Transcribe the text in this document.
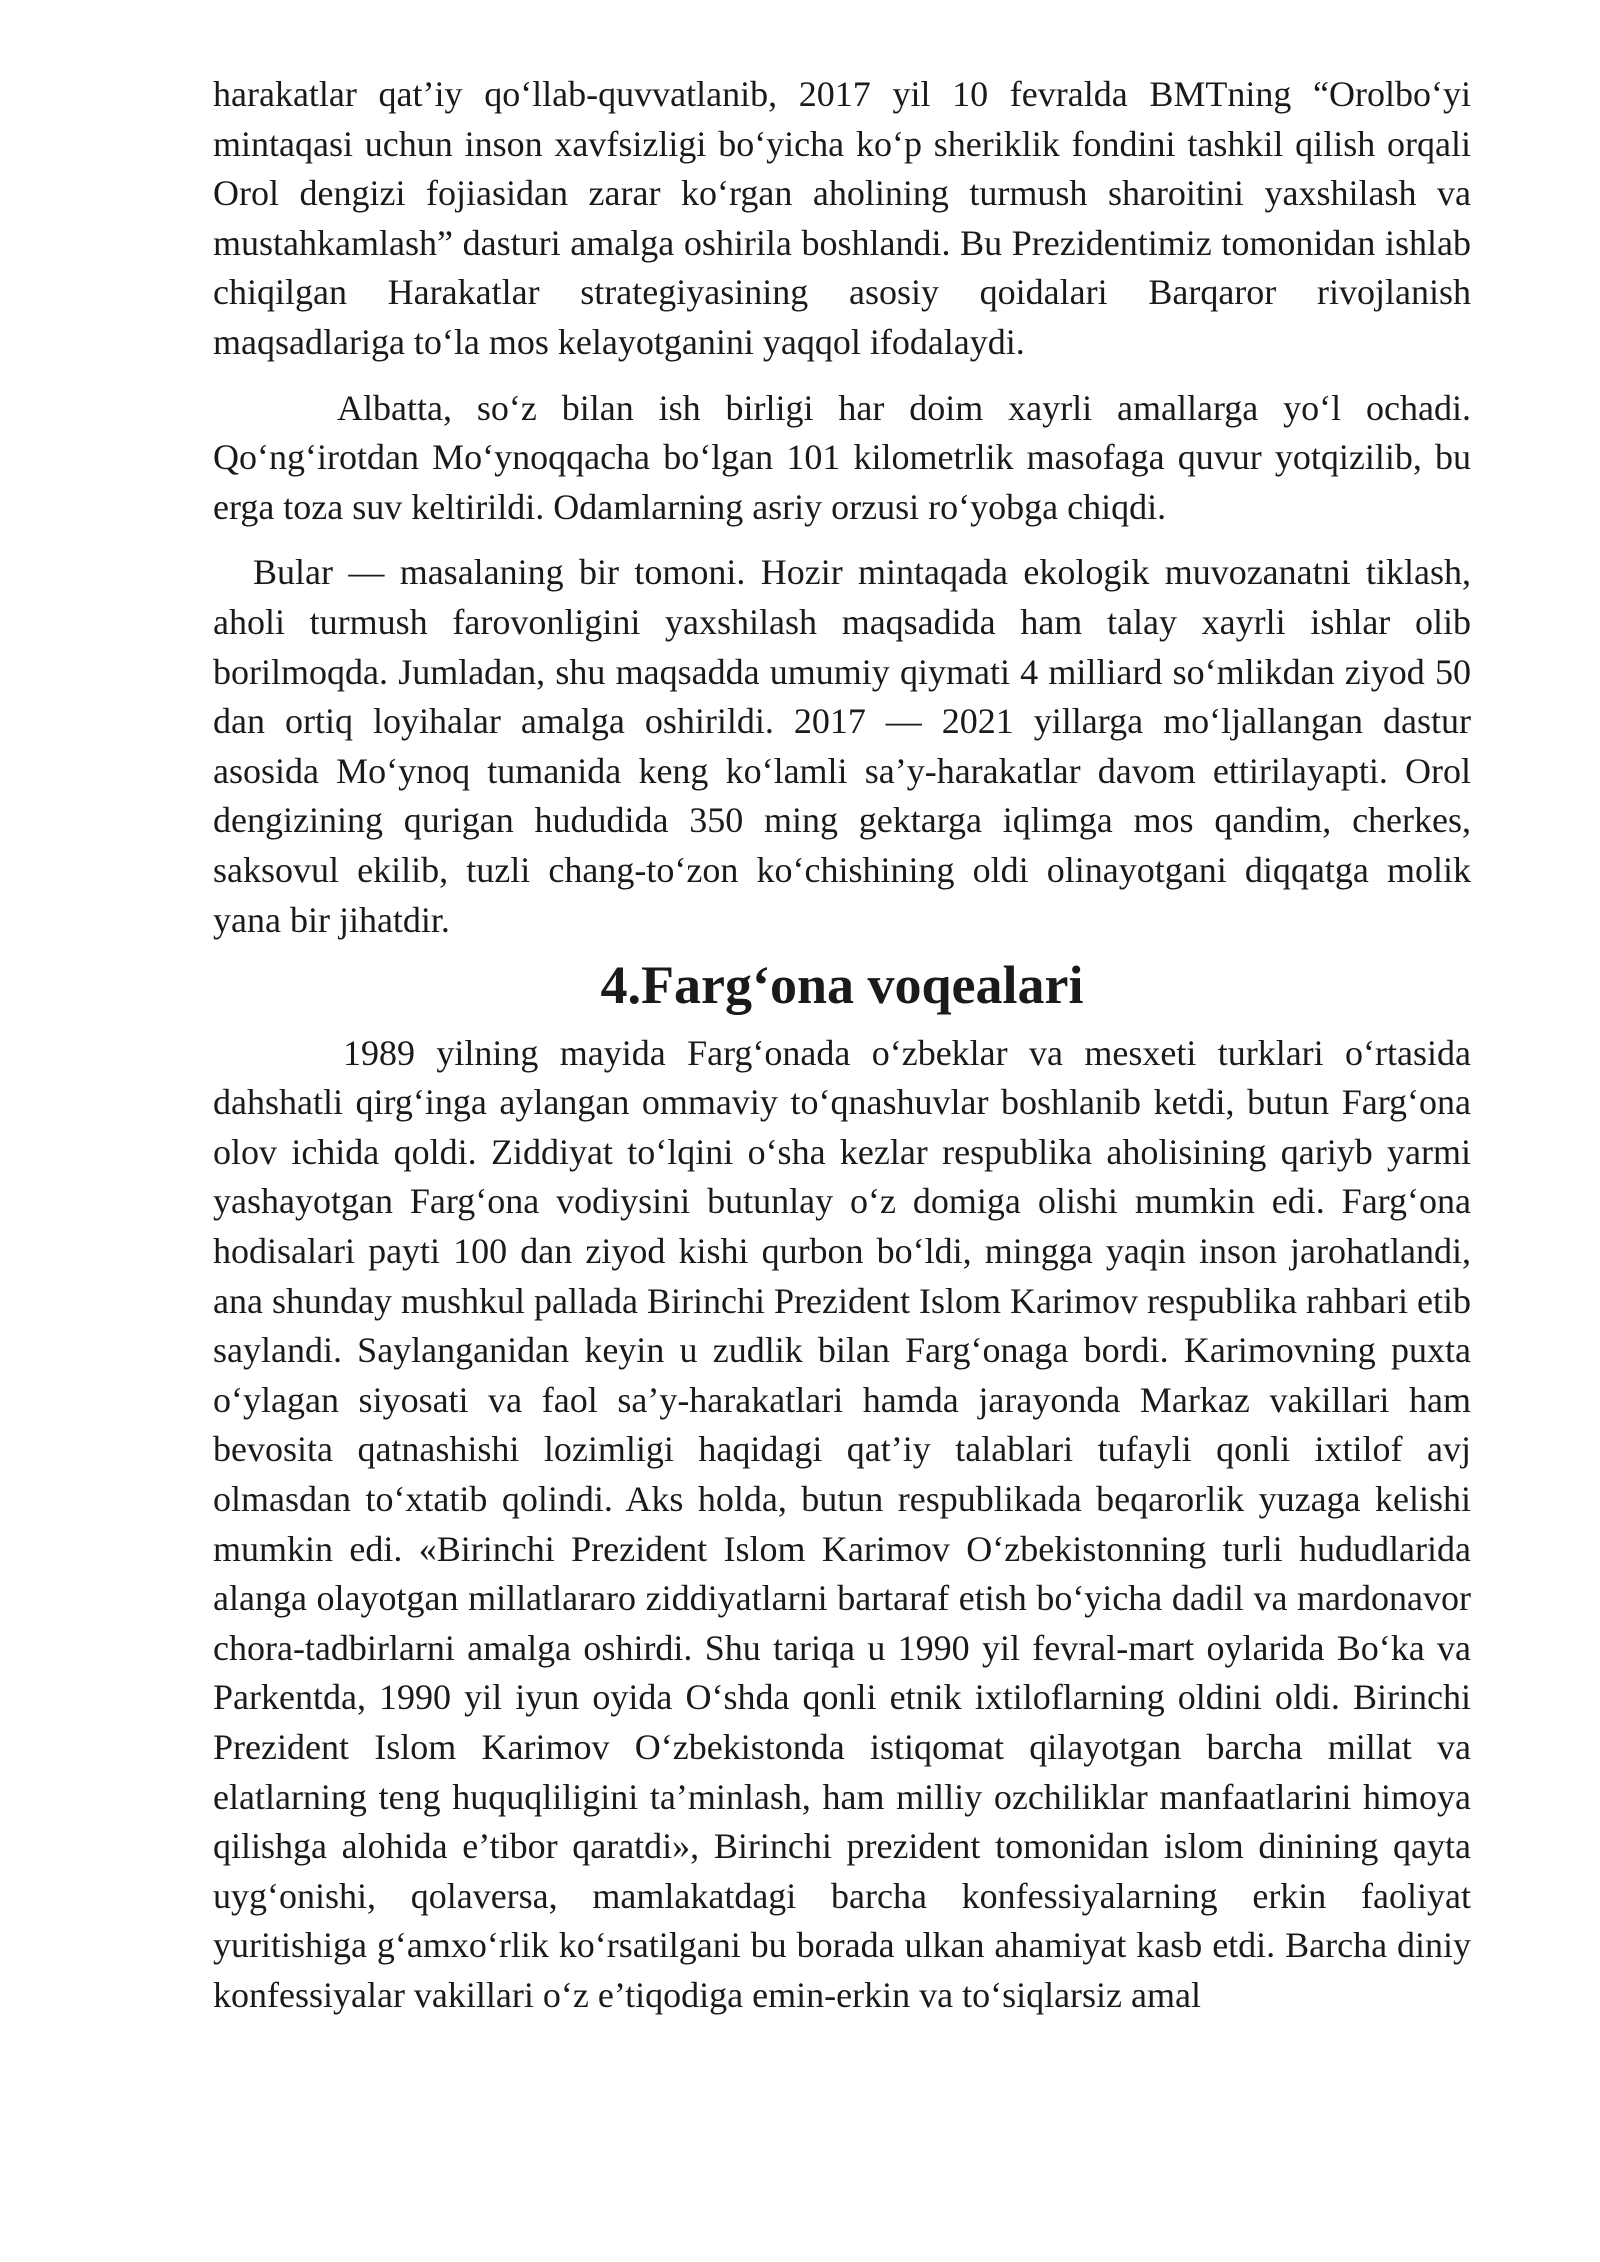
harakatlar qat’iy qo‘llab-quvvatlanib, 2017 yil 10 fevralda BMTning “Orolbo‘yi mintaqasi uchun inson xavfsizligi bo‘yicha ko‘p sheriklik fondini tashkil qilish orqali Orol dengizi fojiasidan zarar ko‘rgan aholining turmush sharoitini yaxshilash va mustahkamlash” dasturi amalga oshirila boshlandi. Bu Prezidentimiz tomonidan ishlab chiqilgan Harakatlar strategiyasining asosiy qoidalari Barqaror rivojlanish maqsadlariga to‘la mos kelayotganini yaqqol ifodalaydi.

Albatta, so‘z bilan ish birligi har doim xayrli amallarga yo‘l ochadi. Qo‘ng‘irotdan Mo‘ynoqqacha bo‘lgan 101 kilometrlik masofaga quvur yotqizilib, bu erga toza suv keltirildi. Odamlarning asriy orzusi ro‘yobga chiqdi.

Bular — masalaning bir tomoni. Hozir mintaqada ekologik muvozanatni tiklash, aholi turmush farovonligini yaxshilash maqsadida ham talay xayrli ishlar olib borilmoqda. Jumladan, shu maqsadda umumiy qiymati 4 milliard so‘mlikdan ziyod 50 dan ortiq loyihalar amalga oshirildi. 2017 — 2021 yillarga mo‘ljallangan dastur asosida Mo‘ynoq tumanida keng ko‘lamli sa’y-harakatlar davom ettirilayapti. Orol dengizining qurigan hududida 350 ming gektarga iqlimga mos qandim, cherkes, saksovul ekilib, tuzli chang-to‘zon ko‘chishining oldi olinayotgani diqqatga molik yana bir jihatdir.

4.Farg‘ona voqealari

1989 yilning mayida Farg‘onada o‘zbeklar va mesxeti turklari o‘rtasida dahshatli qirg‘inga aylangan ommaviy to‘qnashuvlar boshlanib ketdi, butun Farg‘ona olov ichida qoldi. Ziddiyat to‘lqini o‘sha kezlar respublika aholisining qariyb yarmi yashayotgan Farg‘ona vodiysini butunlay o‘z domiga olishi mumkin edi. Farg‘ona hodisalari payti 100 dan ziyod kishi qurbon bo‘ldi, mingga yaqin inson jarohatlandi, ana shunday mushkul pallada Birinchi Prezident Islom Karimov respublika rahbari etib saylandi. Saylanganidan keyin u zudlik bilan Farg‘onaga bordi. Karimovning puxta o‘ylagan siyosati va faol sa’y-harakatlari hamda jarayonda Markaz vakillari ham bevosita qatnashishi lozimligi haqidagi qat’iy talablari tufayli qonli ixtilof avj olmasdan to‘xtatib qolindi. Aks holda, butun respublikada beqarorlik yuzaga kelishi mumkin edi. «Birinchi Prezident Islom Karimov O‘zbekistonning turli hududlarida alanga olayotgan millatlararo ziddiyatlarni bartaraf etish bo‘yicha dadil va mardonavor chora-tadbirlarni amalga oshirdi. Shu tariqa u 1990 yil fevral-mart oylarida Bo‘ka va Parkentda, 1990 yil iyun oyida O‘shda qonli etnik ixtiloflarning oldini oldi. Birinchi Prezident Islom Karimov O‘zbekistonda istiqomat qilayotgan barcha millat va elatlarning teng huquqliligini ta’minlash, ham milliy ozchiliklar manfaatlarini himoya qilishga alohida e’tibor qaratdi», Birinchi prezident tomonidan islom dinining qayta uyg‘onishi, qolaversa, mamlakatdagi barcha konfessiyalarning erkin faoliyat yuritishiga g‘amxo‘rlik ko‘rsatilgani bu borada ulkan ahamiyat kasb etdi. Barcha diniy konfessiyalar vakillari o‘z e’tiqodiga emin-erkin va to‘siqlarsiz amal
